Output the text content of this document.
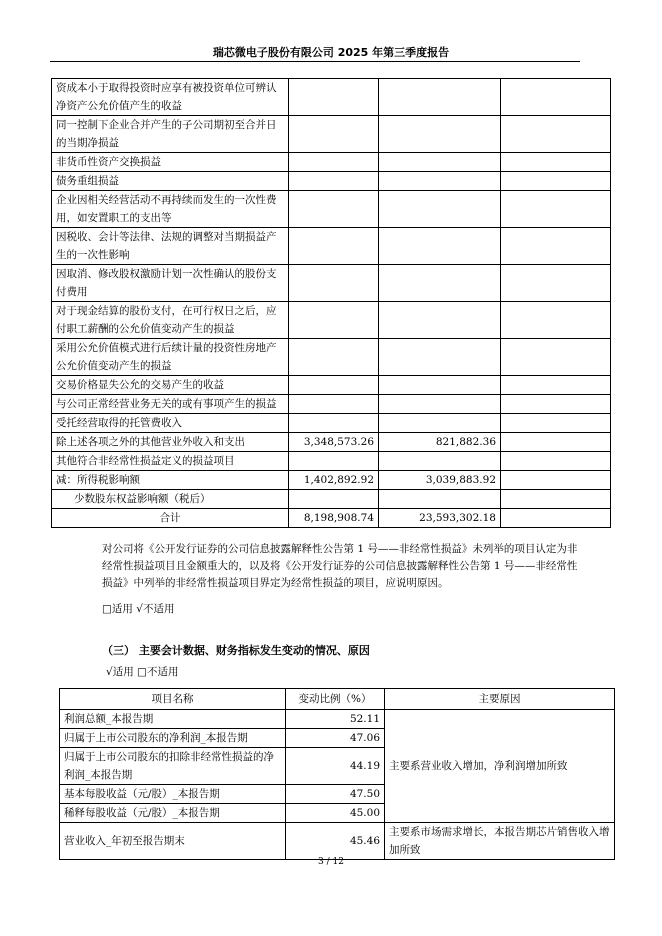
瑞芯微电子股份有限公司 2025 年第三季度报告
资成本小于取得投资时应享有被投资单位可辨认净资产公允价值产生的收益			
同一控制下企业合并产生的子公司期初至合并日的当期净损益			
非货币性资产交换损益			
债务重组损益			
企业因相关经营活动不再持续而发生的一次性费用，如安置职工的支出等			
因税收、会计等法律、法规的调整对当期损益产生的一次性影响			
因取消、修改股权激励计划一次性确认的股份支付费用			
对于现金结算的股份支付，在可行权日之后，应付职工薪酬的公允价值变动产生的损益			
采用公允价值模式进行后续计量的投资性房地产公允价值变动产生的损益			
交易价格显失公允的交易产生的收益			
与公司正常经营业务无关的或有事项产生的损益			
受托经营取得的托管费收入			
除上述各项之外的其他营业外收入和支出	3,348,573.26	821,882.36	
其他符合非经常性损益定义的损益项目			
减：所得税影响额	1,402,892.92	3,039,883.92	
少数股东权益影响额（税后）			
合计	8,198,908.74	23,593,302.18	
对公司将《公开发行证券的公司信息披露解释性公告第 1 号——非经常性损益》未列举的项目认定为非经常性损益项目且金额重大的，以及将《公开发行证券的公司信息披露解释性公告第 1 号——非经常性损益》中列举的非经常性损益项目界定为经常性损益的项目，应说明原因。
□适用 √不适用
（三） 主要会计数据、财务指标发生变动的情况、原因
√适用 □不适用
项目名称	变动比例（%）	主要原因
利润总额_本报告期	52.11	主要系营业收入增加，净利润增加所致
归属于上市公司股东的净利润_本报告期	47.06	
归属于上市公司股东的扣除非经常性损益的净利润_本报告期	44.19	
基本每股收益（元/股）_本报告期	47.50	
稀释每股收益（元/股）_本报告期	45.00	
营业收入_年初至报告期末	45.46	主要系市场需求增长，本报告期芯片销售收入增加所致
3 / 12
